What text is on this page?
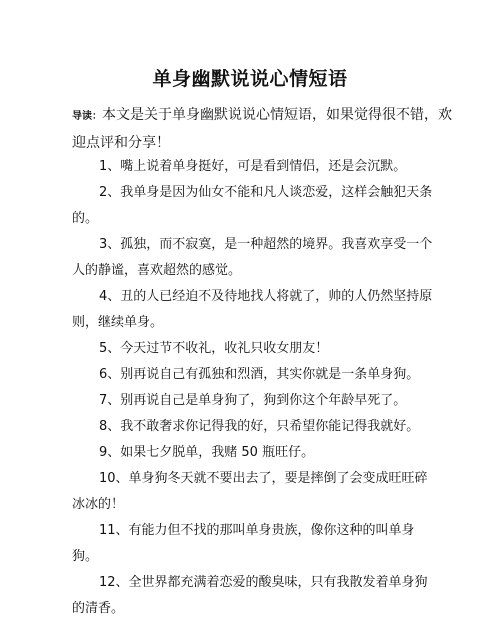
单身幽默说说心情短语
导读：本文是关于单身幽默说说心情短语，如果觉得很不错，欢迎点评和分享！
1、嘴上说着单身挺好，可是看到情侣，还是会沉默。
2、我单身是因为仙女不能和凡人谈恋爱，这样会触犯天条的。
3、孤独，而不寂寞，是一种超然的境界。我喜欢享受一个人的静谧，喜欢超然的感觉。
4、丑的人已经迫不及待地找人将就了，帅的人仍然坚持原则，继续单身。
5、今天过节不收礼，收礼只收女朋友！
6、别再说自己有孤独和烈酒，其实你就是一条单身狗。
7、别再说自己是单身狗了，狗到你这个年龄早死了。
8、我不敢奢求你记得我的好，只希望你能记得我就好。
9、如果七夕脱单，我赌 50 瓶旺仔。
10、单身狗冬天就不要出去了，要是摔倒了会变成旺旺碎冰冰的！
11、有能力但不找的那叫单身贵族，像你这种的叫单身狗。
12、全世界都充满着恋爱的酸臭味，只有我散发着单身狗的清香。
